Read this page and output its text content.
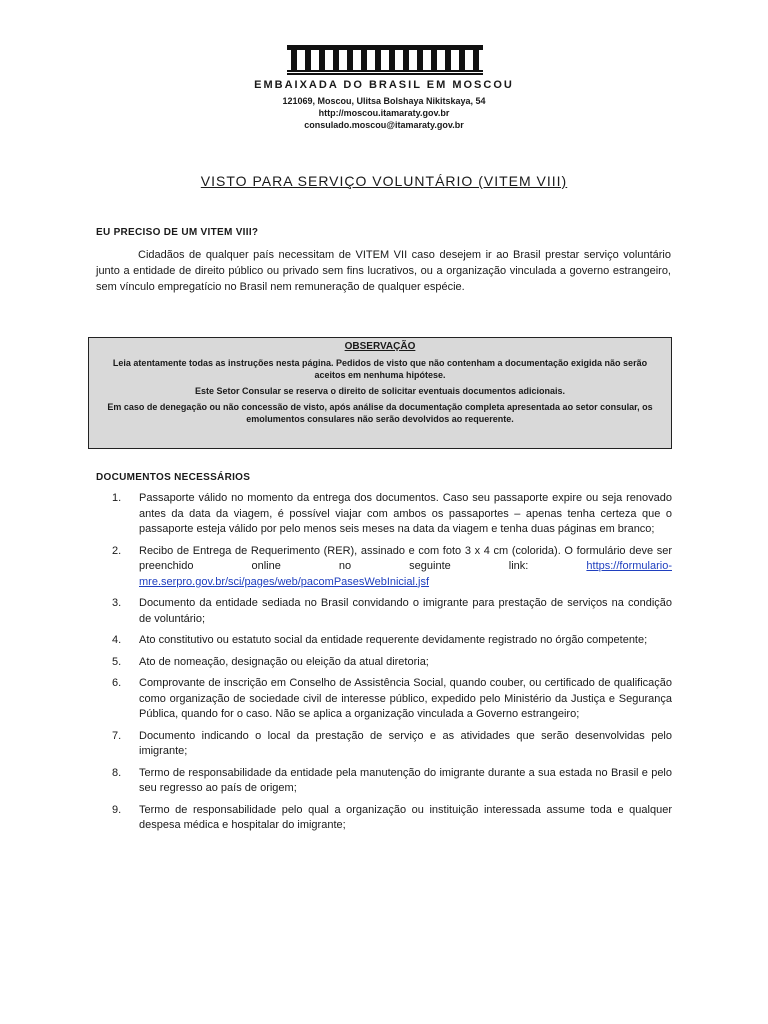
EMBAIXADA DO BRASIL EM MOSCOU
121069, Moscou, Ulitsa Bolshaya Nikitskaya, 54
http://moscou.itamaraty.gov.br
consulado.moscou@itamaraty.gov.br
VISTO PARA SERVIÇO VOLUNTÁRIO (VITEM VIII)
EU PRECISO DE UM VITEM VIII?

Cidadãos de qualquer país necessitam de VITEM VII caso desejem ir ao Brasil prestar serviço voluntário junto a entidade de direito público ou privado sem fins lucrativos, ou a organização vinculada a governo estrangeiro, sem vínculo empregatício no Brasil nem remuneração de qualquer espécie.

OBSERVAÇÃO

Leia atentamente todas as instruções nesta página. Pedidos de visto que não contenham a documentação exigida não serão aceitos em nenhuma hipótese.

Este Setor Consular se reserva o direito de solicitar eventuais documentos adicionais.

Em caso de denegação ou não concessão de visto, após análise da documentação completa apresentada ao setor consular, os emolumentos consulares não serão devolvidos ao requerente.

DOCUMENTOS NECESSÁRIOS
1. Passaporte válido no momento da entrega dos documentos. Caso seu passaporte expire ou seja renovado antes da data da viagem, é possível viajar com ambos os passaportes – apenas tenha certeza que o passaporte esteja válido por pelo menos seis meses na data da viagem e tenha duas páginas em branco;
2. Recibo de Entrega de Requerimento (RER), assinado e com foto 3 x 4 cm (colorida). O formulário deve ser preenchido online no seguinte link: https://formulario-mre.serpro.gov.br/sci/pages/web/pacomPasesWebInicial.jsf
3. Documento da entidade sediada no Brasil convidando o imigrante para prestação de serviços na condição de voluntário;
4. Ato constitutivo ou estatuto social da entidade requerente devidamente registrado no órgão competente;
5. Ato de nomeação, designação ou eleição da atual diretoria;
6. Comprovante de inscrição em Conselho de Assistência Social, quando couber, ou certificado de qualificação como organização de sociedade civil de interesse público, expedido pelo Ministério da Justiça e Segurança Pública, quando for o caso. Não se aplica a organização vinculada a Governo estrangeiro;
7. Documento indicando o local da prestação de serviço e as atividades que serão desenvolvidas pelo imigrante;
8. Termo de responsabilidade da entidade pela manutenção do imigrante durante a sua estada no Brasil e pelo seu regresso ao país de origem;
9. Termo de responsabilidade pelo qual a organização ou instituição interessada assume toda e qualquer despesa médica e hospitalar do imigrante;
